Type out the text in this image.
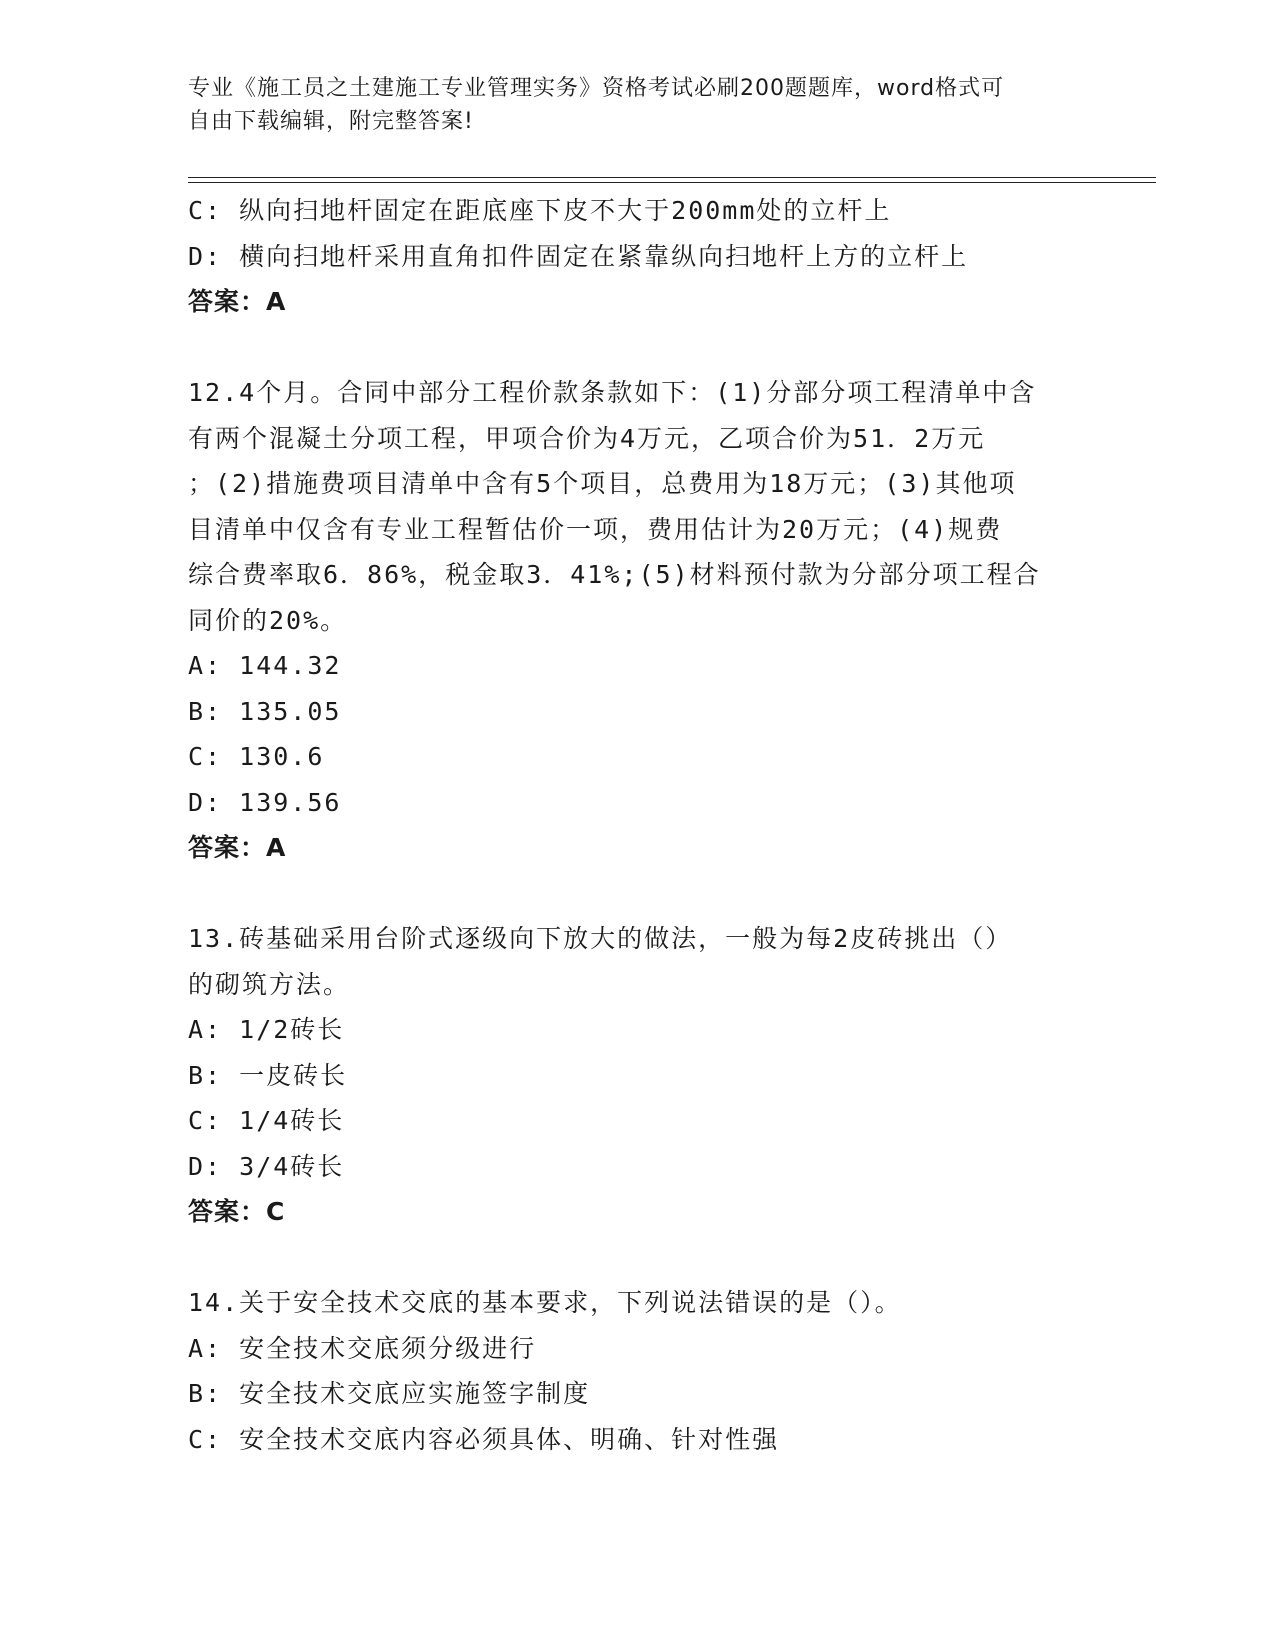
专业《施工员之土建施工专业管理实务》资格考试必刷200题题库，word格式可
自由下载编辑，附完整答案!
C: 纵向扫地杆固定在距底座下皮不大于200mm处的立杆上
D: 横向扫地杆采用直角扣件固定在紧靠纵向扫地杆上方的立杆上
答案：A
12.4个月。合同中部分工程价款条款如下：(1)分部分项工程清单中含
有两个混凝土分项工程，甲项合价为4万元，乙项合价为51．2万元
；(2)措施费项目清单中含有5个项目，总费用为18万元；(3)其他项
目清单中仅含有专业工程暂估价一项，费用估计为20万元；(4)规费
综合费率取6．86%，税金取3．41%;(5)材料预付款为分部分项工程合
同价的20%。
A: 144.32
B: 135.05
C: 130.6
D: 139.56
答案：A
13.砖基础采用台阶式逐级向下放大的做法，一般为每2皮砖挑出（）
的砌筑方法。
A: 1/2砖长
B: 一皮砖长
C: 1/4砖长
D: 3/4砖长
答案：C
14.关于安全技术交底的基本要求，下列说法错误的是（）。
A: 安全技术交底须分级进行
B: 安全技术交底应实施签字制度
C: 安全技术交底内容必须具体、明确、针对性强
